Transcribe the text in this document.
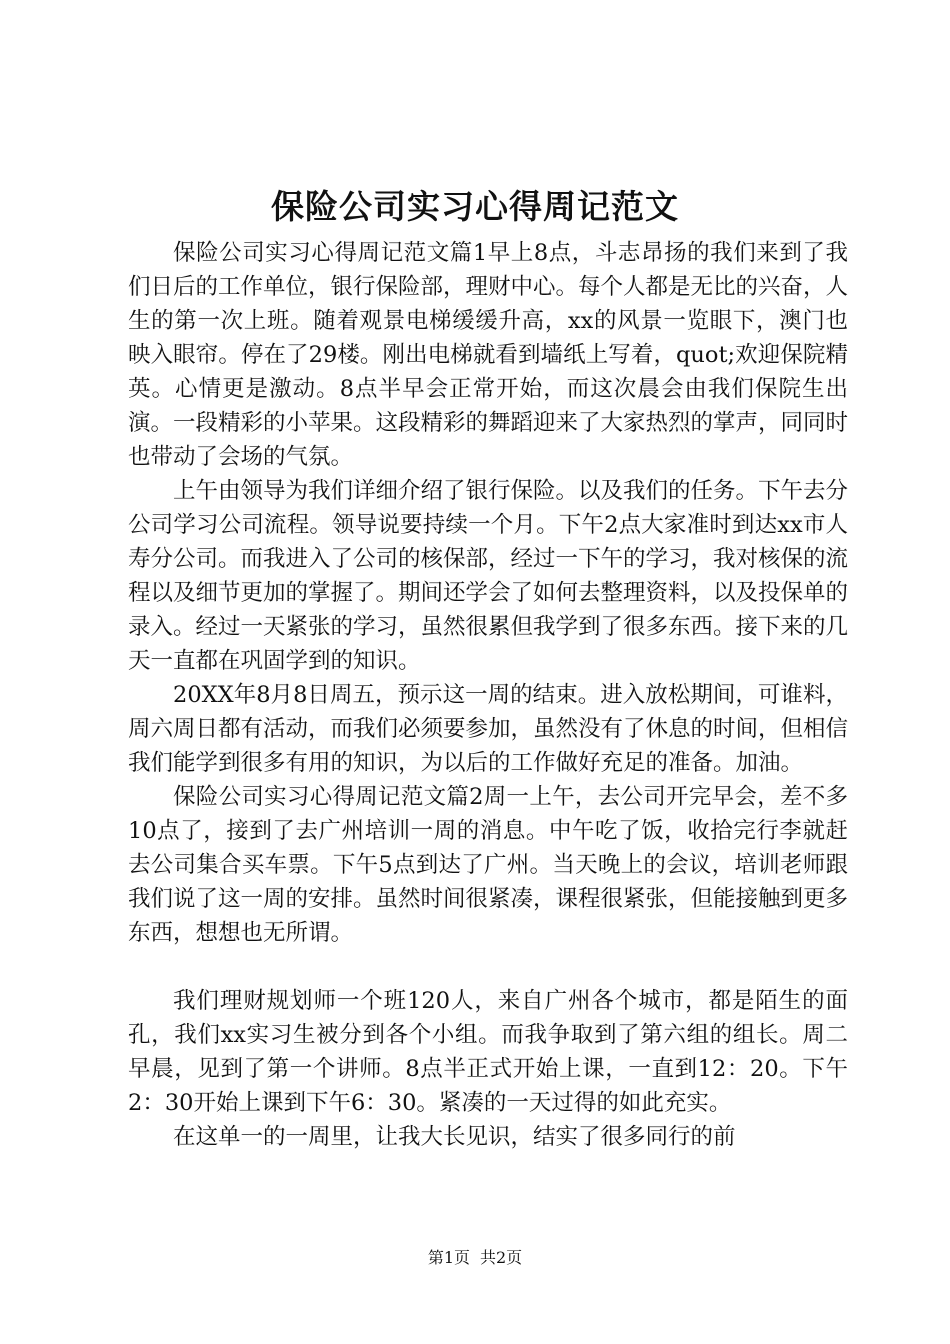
保险公司实习心得周记范文

保险公司实习心得周记范文篇1早上8点，斗志昂扬的我们来到了我们日后的工作单位，银行保险部，理财中心。每个人都是无比的兴奋，人生的第一次上班。随着观景电梯缓缓升高，xx的风景一览眼下，澳门也映入眼帘。停在了29楼。刚出电梯就看到墙纸上写着，quot;欢迎保院精英。心情更是激动。8点半早会正常开始，而这次晨会由我们保院生出演。一段精彩的小苹果。这段精彩的舞蹈迎来了大家热烈的掌声，同同时也带动了会场的气氛。

上午由领导为我们详细介绍了银行保险。以及我们的任务。下午去分公司学习公司流程。领导说要持续一个月。下午2点大家准时到达xx市人寿分公司。而我进入了公司的核保部，经过一下午的学习，我对核保的流程以及细节更加的掌握了。期间还学会了如何去整理资料，以及投保单的录入。经过一天紧张的学习，虽然很累但我学到了很多东西。接下来的几天一直都在巩固学到的知识。

20XX年8月8日周五，预示这一周的结束。进入放松期间，可谁料，周六周日都有活动，而我们必须要参加，虽然没有了休息的时间，但相信我们能学到很多有用的知识，为以后的工作做好充足的准备。加油。

保险公司实习心得周记范文篇2周一上午，去公司开完早会，差不多10点了，接到了去广州培训一周的消息。中午吃了饭，收拾完行李就赶去公司集合买车票。下午5点到达了广州。当天晚上的会议，培训老师跟我们说了这一周的安排。虽然时间很紧凑，课程很紧张，但能接触到更多东西，想想也无所谓。

我们理财规划师一个班120人，来自广州各个城市，都是陌生的面孔，我们xx实习生被分到各个小组。而我争取到了第六组的组长。周二早晨，见到了第一个讲师。8点半正式开始上课，一直到12：20。下午2：30开始上课到下午6：30。紧凑的一天过得的如此充实。

在这单一的一周里，让我大长见识，结实了很多同行的前

第1页 共2页
